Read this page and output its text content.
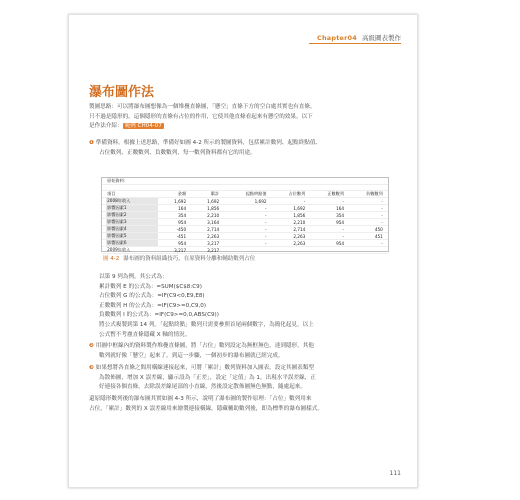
Chapter04 高級圖表製作
瀑布圖作法
製圖思路：可以將瀑布圖想像為一個堆疊直條圖，「懸空」直條下方的空白處其實也有直條，
只不過是隱形的。這個隱形的直條有占位的作用，它使其他直條看起來有懸空的效果。以下
是作法介紹： 範例 CH04-07
❶ 準備資料。根據上述思路，準備好如圖 4-2 所示的製圖資料，包括累計數列、起點終點值、
占位數列、正數數列、負數數列，每一數列資料都有它的用途。
	原始資料：								

	項目	金額		累計	起點終點值	占位數列	正數數列	負數數列	
	2008年收入	1,692		1,692	1,692	-	-	-	
	影響因素1	164		1,856	-	1,692	164	-	
	影響因素2	354		2,210	-	1,856	354	-	
	影響因素3	954		3,164	-	2,210	954	-	
	影響因素4	-450		2,714	-	2,714	-	450	
	影響因素5	-451		2,263	-	2,263	-	451	
	影響因素6	954		3,217	-	2,263	954	-	
	2009年收入	3,217		3,217					
圖 4-2 瀑布圖的資料組織技巧，在原資料分離和輔助數列占位
以第 9 列為例，其公式為：
累計數列 E 的公式為：=SUM($C$8:C9)
占位數列 G 的公式為：=IF(C9<0,E9,E8)
正數數列 H 的公式為：=IF(C9>=0,C9,0)
負數數列 I 的公式為：=IF(C9>=0,0,ABS(C9))
將公式複製到第 14 列。「起點終點」數列只需要參照首尾兩個數字，為簡化起見，以上
公式暫不考慮直條隱藏 X 軸的情況。
❷ 用圖中框線內的資料製作堆疊直條圖，將「占位」數列設定為無框無色，達到隱形，其他
數列就好像「懸空」起來了，到這一步驟，一個初步的瀑布圖就已經完成。
❸ 如果想將各直條之間用橫線連接起來，可將「累計」數列資料加入圖表，設定其圖表類型
為散佈圖，增加 X 誤差線，顯示設為「正差」，設定「定值」為 1，出現水平誤差線，正
好連接各個直條，去除誤差線尾部的小直線，然後設定散佈圖無色無點，隨處起來。
還原隱形數列後的瀑布圖其實如圖 4-3 所示，說明了瀑布圖的製作原理：「占位」數列用來
占位，「累計」數列的 X 誤差線用來繪製連接橫線，隱藏輔助數列後，即為標準的瀑布圖樣式。
111
